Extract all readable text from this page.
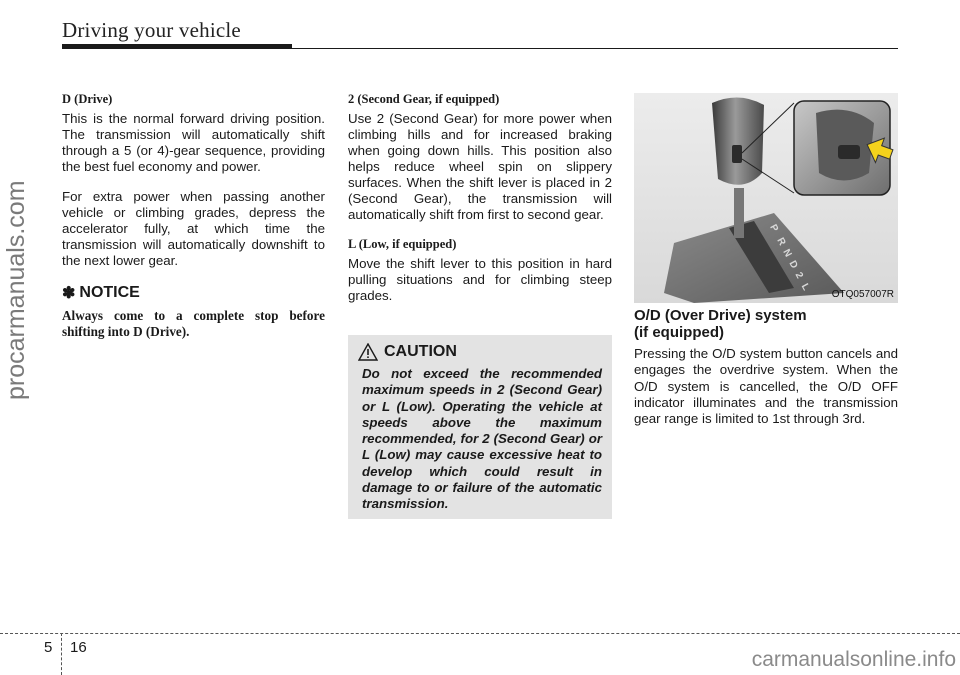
Driving your vehicle
procarmanuals.com

D (Drive)

This is the normal forward driving position. The transmission will automatically shift through a 5 (or 4)-gear sequence, providing the best fuel economy and power.

For extra power when passing another vehicle or climbing grades, depress the accelerator fully, at which time the transmission will automatically downshift to the next lower gear.

✽ NOTICE
Always come to a complete stop before shifting into D (Drive).

2 (Second Gear, if equipped)

Use 2 (Second Gear) for more power when climbing hills and for increased braking when going down hills. This position also helps reduce wheel spin on slippery surfaces. When the shift lever is placed in 2 (Second Gear), the transmission will automatically shift from first to second gear.

L (Low, if equipped)

Move the shift lever to this position in hard pulling situations and for climbing steep grades.

CAUTION
Do not exceed the recommended maximum speeds in 2 (Second Gear) or L (Low). Operating the vehicle at speeds above the maximum recommended, for 2 (Second Gear) or L (Low) may cause excessive heat to develop which could result in damage to or failure of the automatic transmission.
P
R
N
D
2
L
OTQ057007R
O/D (Over Drive) system
(if equipped)
Pressing the O/D system button cancels and engages the overdrive system. When the O/D system is cancelled, the O/D OFF indicator illuminates and the transmission gear range is limited to 1st through 3rd.
5 16
carmanualsonline.info
